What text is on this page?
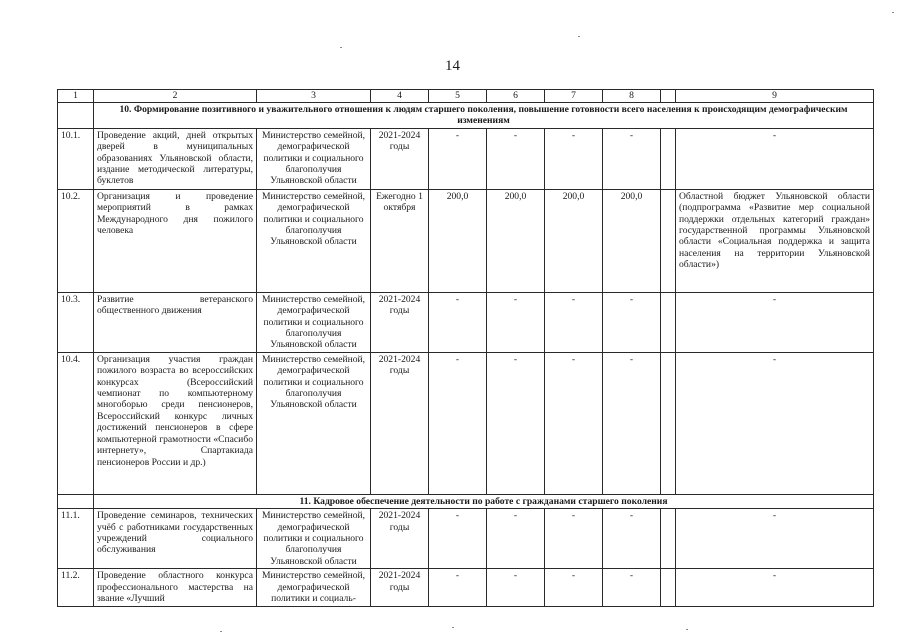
14
1	2	3	4	5	6	7	8		9
	10. Формирование позитивного и уважительного отношения к людям старшего поколения, повышение готовности всего населения к происходящим демографическим изменениям								
10.1.	Проведение акций, дней открытых дверей в муниципальных образованиях Ульяновской области, издание методической литературы, буклетов	Министерство семейной, демографической политики и социального благополучия Ульяновской области	2021-2024 годы	-	-	-	-		-
10.2.	Организация и проведение мероприятий в рамках Международного дня пожилого человека	Министерство семейной, демографической политики и социального благополучия Ульяновской области	Ежегодно 1 октября	200,0	200,0	200,0	200,0		Областной бюджет Ульяновской области (подпрограмма «Развитие мер социальной поддержки отдельных категорий граждан» государственной программы Ульяновской области «Социальная поддержка и защита населения на территории Ульяновской области»)
10.3.	Развитие ветеранского общественного движения	Министерство семейной, демографической политики и социального благополучия Ульяновской области	2021-2024 годы	-	-	-	-		-
10.4.	Организация участия граждан пожилого возраста во всероссийских конкурсах (Всероссийский чемпионат по компьютерному многоборью среди пенсионеров, Всероссийский конкурс личных достижений пенсионеров в сфере компьютерной грамотности «Спасибо интернету», Спартакиада пенсионеров России и др.)	Министерство семейной, демографической политики и социального благополучия Ульяновской области	2021-2024 годы	-	-	-	-		-
	11. Кадровое обеспечение деятельности по работе с гражданами старшего поколения								
11.1.	Проведение семинаров, технических учёб с работниками государственных учреждений социального обслуживания	Министерство семейной, демографической политики и социального благополучия Ульяновской области	2021-2024 годы	-	-	-	-		-
11.2.	Проведение областного конкурса профессионального мастерства на звание «Лучший	Министерство семейной, демографической политики и социаль-	2021-2024 годы	-	-	-	-		-
